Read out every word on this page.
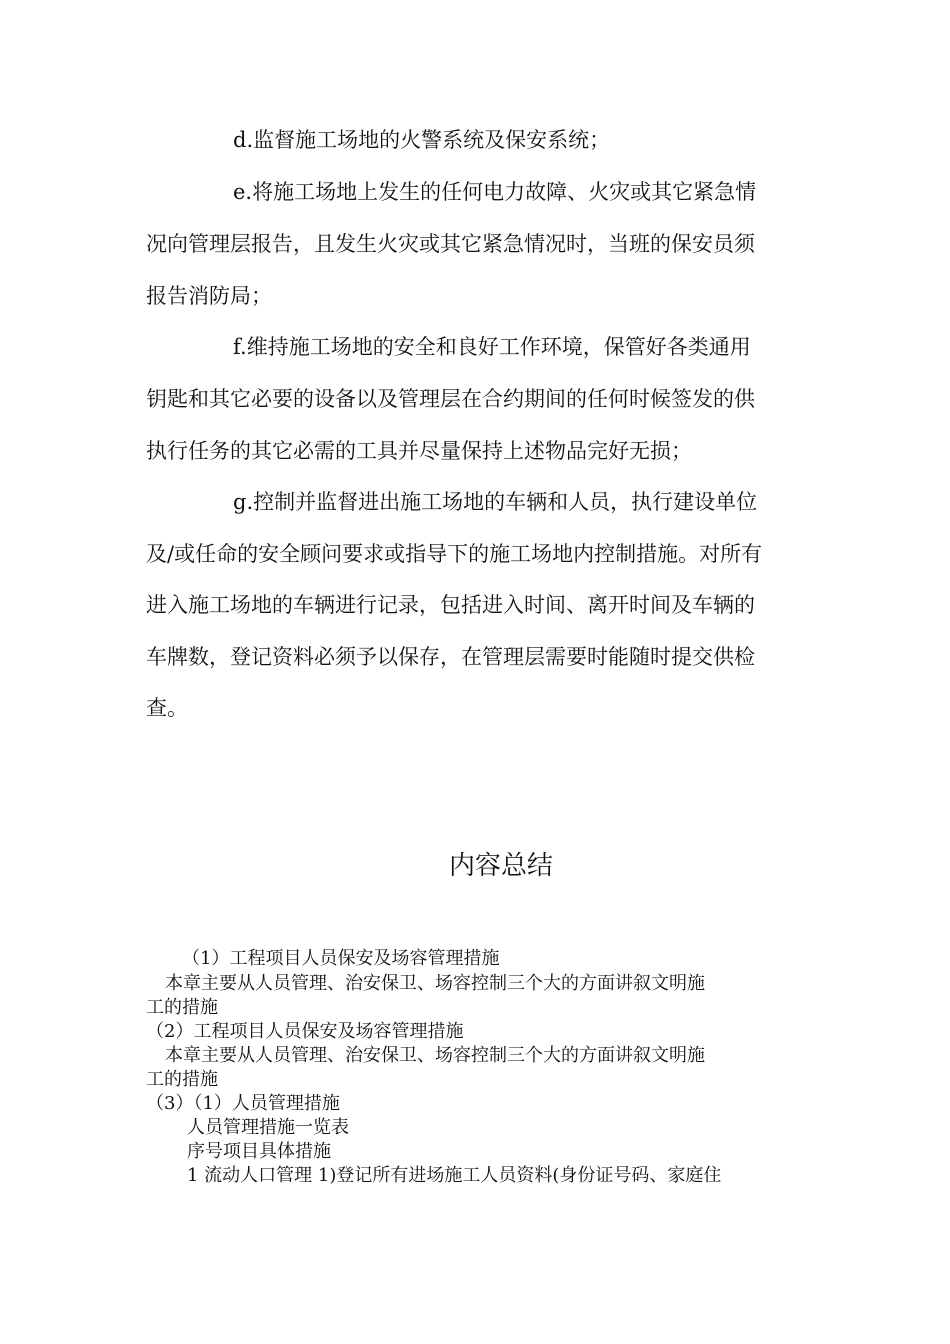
d.监督施工场地的火警系统及保安系统；
e.将施工场地上发生的任何电力故障、火灾或其它紧急情
况向管理层报告，且发生火灾或其它紧急情况时，当班的保安员须
报告消防局；
f.维持施工场地的安全和良好工作环境，保管好各类通用
钥匙和其它必要的设备以及管理层在合约期间的任何时候签发的供
执行任务的其它必需的工具并尽量保持上述物品完好无损；
g.控制并监督进出施工场地的车辆和人员，执行建设单位
及/或任命的安全顾问要求或指导下的施工场地内控制措施。对所有
进入施工场地的车辆进行记录，包括进入时间、离开时间及车辆的
车牌数，登记资料必须予以保存，在管理层需要时能随时提交供检
查。
内容总结
（1）工程项目人员保安及场容管理措施
本章主要从人员管理、治安保卫、场容控制三个大的方面讲叙文明施
工的措施
（2）工程项目人员保安及场容管理措施
本章主要从人员管理、治安保卫、场容控制三个大的方面讲叙文明施
工的措施
（3）（1）人员管理措施
人员管理措施一览表
序号项目具体措施
1 流动人口管理 1)登记所有进场施工人员资料(身份证号码、家庭住
